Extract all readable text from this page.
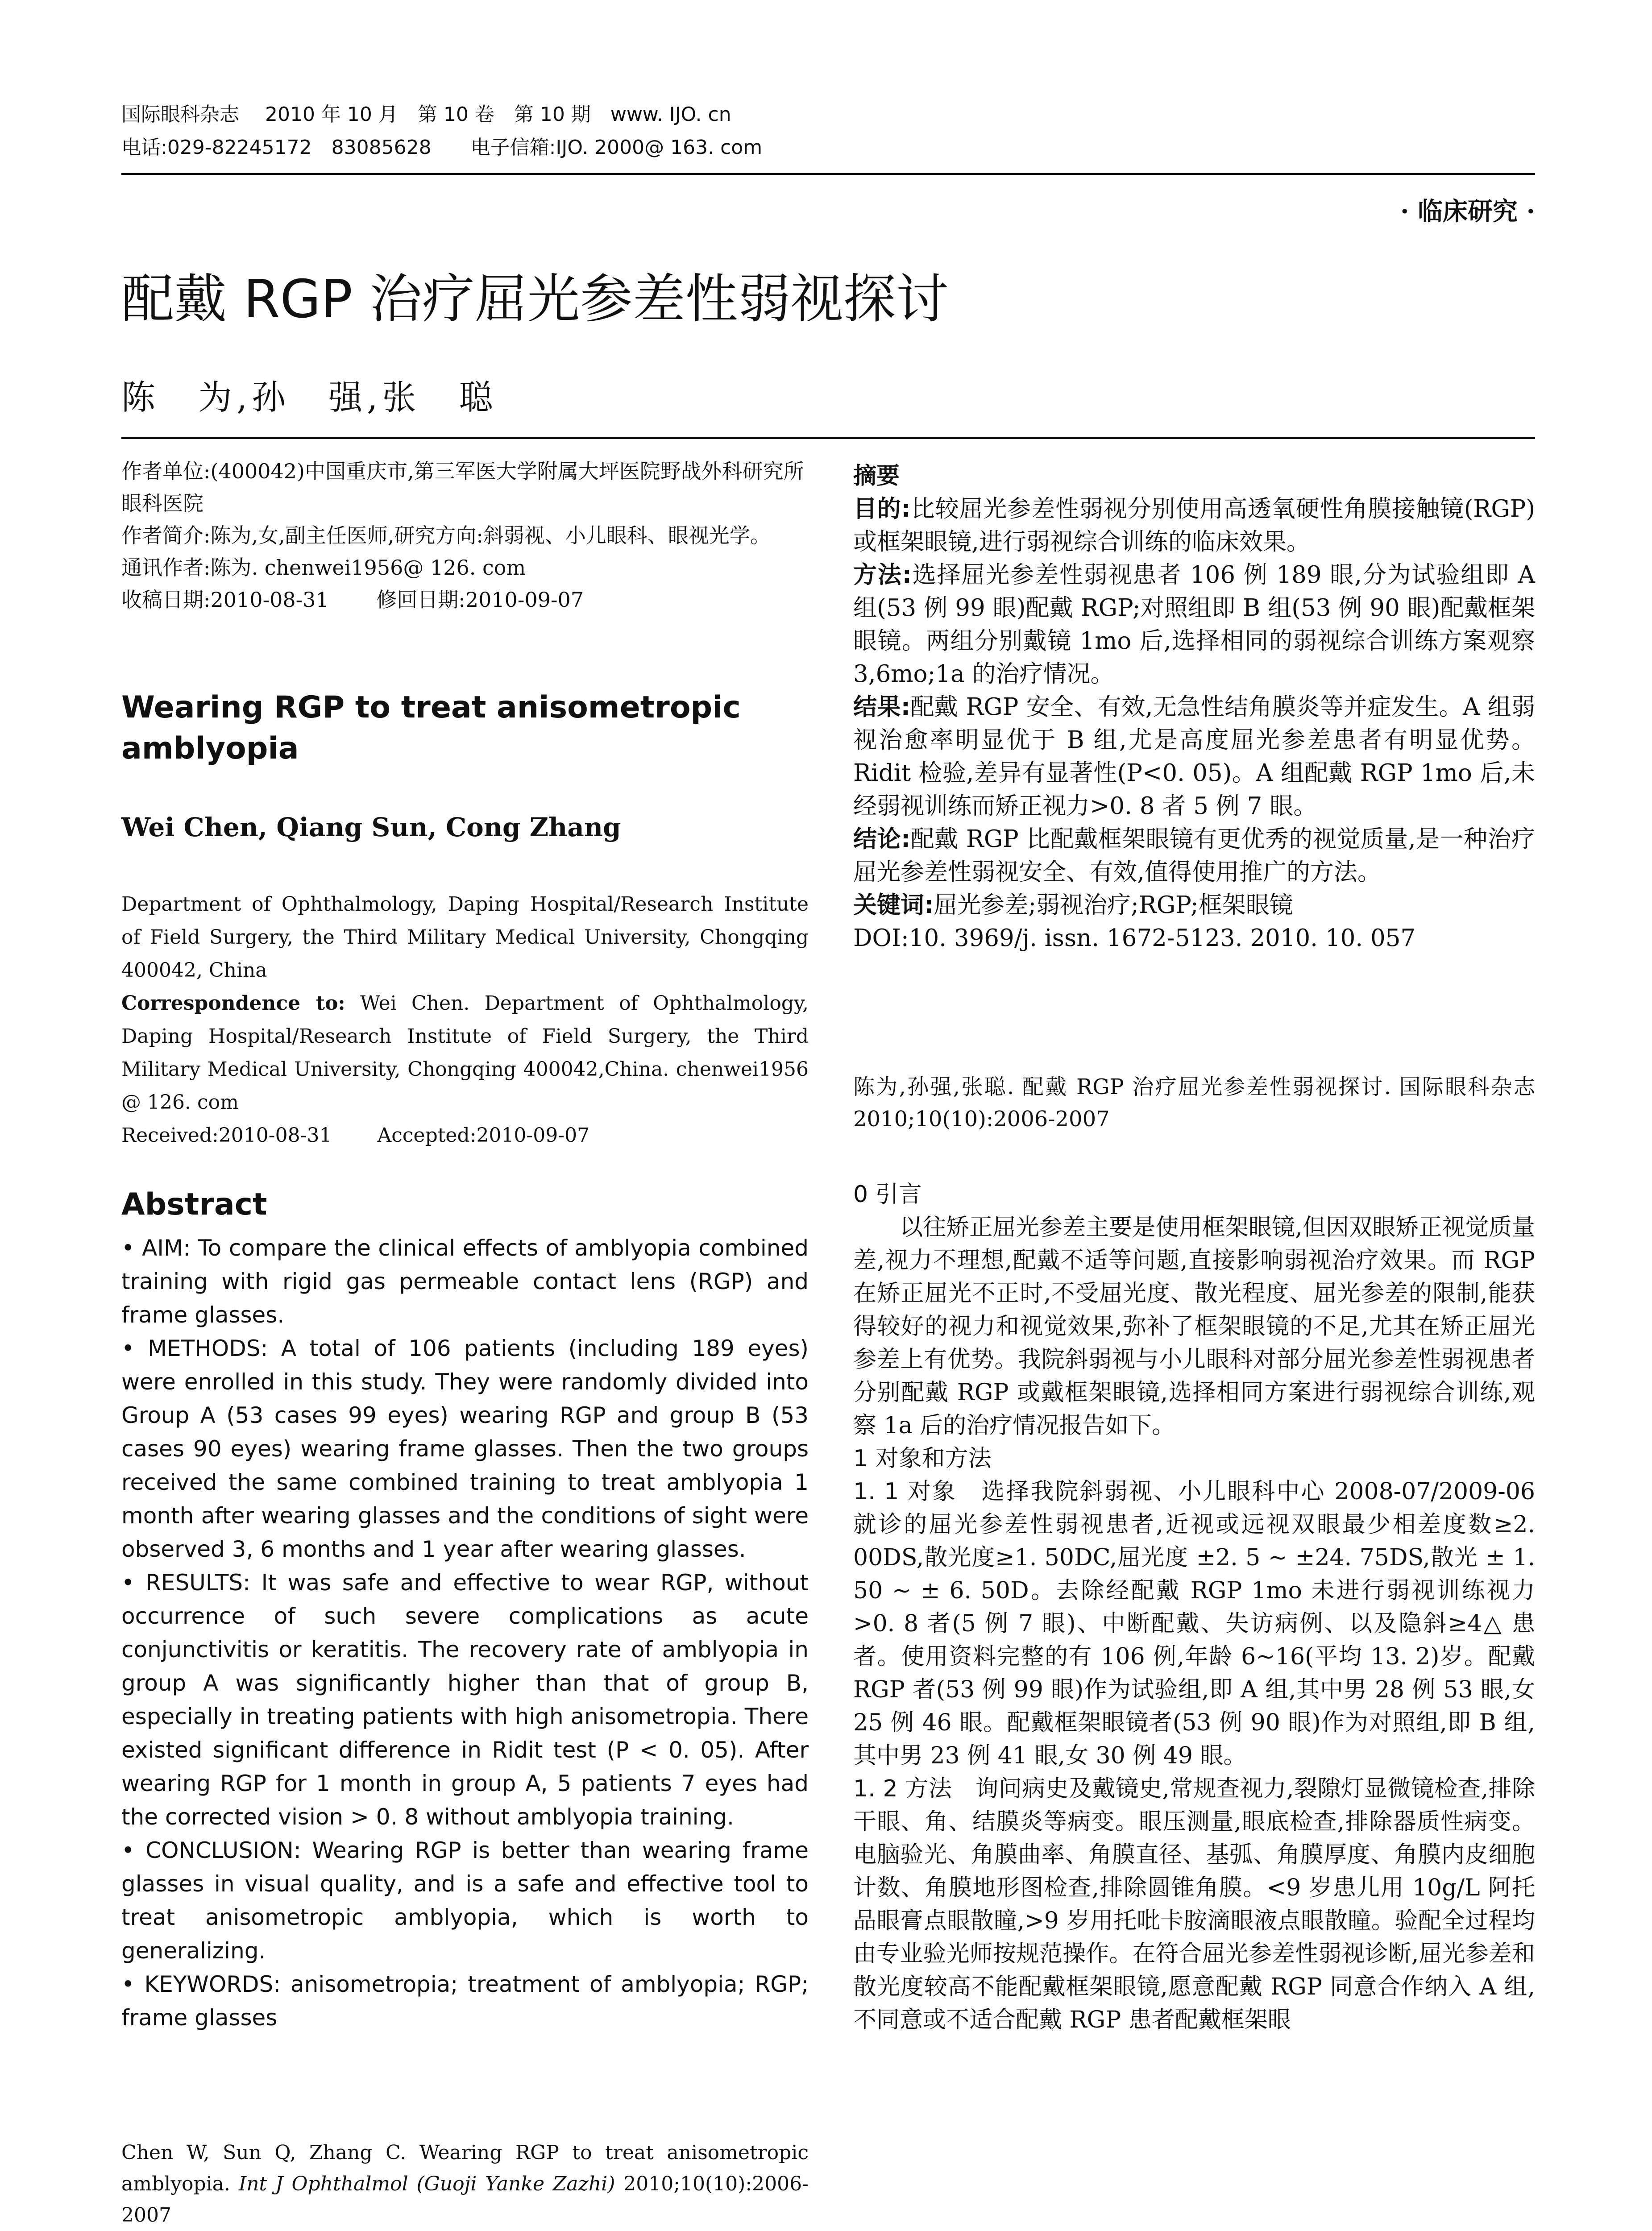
国际眼科杂志　 2010 年 10 月　第 10 卷　第 10 期　www. IJO. cn
电话:029-82245172　83085628　　电子信箱:IJO. 2000@ 163. com
· 临床研究 ·
配戴 RGP 治疗屈光参差性弱视探讨
陈　为,孙　强,张　聪

作者单位:(400042)中国重庆市,第三军医大学附属大坪医院野战外科研究所眼科医院

作者简介:陈为,女,副主任医师,研究方向:斜弱视、小儿眼科、眼视光学。

通讯作者:陈为. chenwei1956@ 126. com

收稿日期:2010-08-31　　 修回日期:2010-09-07

Wearing RGP to treat anisometropic amblyopia
Wei Chen, Qiang Sun, Cong Zhang

Department of Ophthalmology, Daping Hospital/Research Institute of Field Surgery, the Third Military Medical University, Chongqing 400042, China

Correspondence to: Wei Chen. Department of Ophthalmology, Daping Hospital/Research Institute of Field Surgery, the Third Military Medical University, Chongqing 400042,China. chenwei1956 @ 126. com

Received:2010-08-31　　 Accepted:2010-09-07

Abstract

• AIM: To compare the clinical effects of amblyopia combined training with rigid gas permeable contact lens (RGP) and frame glasses.

• METHODS: A total of 106 patients (including 189 eyes) were enrolled in this study. They were randomly divided into Group A (53 cases 99 eyes) wearing RGP and group B (53 cases 90 eyes) wearing frame glasses. Then the two groups received the same combined training to treat amblyopia 1 month after wearing glasses and the conditions of sight were observed 3, 6 months and 1 year after wearing glasses.

• RESULTS: It was safe and effective to wear RGP, without occurrence of such severe complications as acute conjunctivitis or keratitis. The recovery rate of amblyopia in group A was significantly higher than that of group B, especially in treating patients with high anisometropia. There existed significant difference in Ridit test (P < 0. 05). After wearing RGP for 1 month in group A, 5 patients 7 eyes had the corrected vision > 0. 8 without amblyopia training.

• CONCLUSION: Wearing RGP is better than wearing frame glasses in visual quality, and is a safe and effective tool to treat anisometropic amblyopia, which is worth to generalizing.

• KEYWORDS: anisometropia; treatment of amblyopia; RGP; frame glasses

Chen W, Sun Q, Zhang C. Wearing RGP to treat anisometropic amblyopia. Int J Ophthalmol (Guoji Yanke Zazhi) 2010;10(10):2006-2007
摘要

目的:比较屈光参差性弱视分别使用高透氧硬性角膜接触镜(RGP)或框架眼镜,进行弱视综合训练的临床效果。

方法:选择屈光参差性弱视患者 106 例 189 眼,分为试验组即 A 组(53 例 99 眼)配戴 RGP;对照组即 B 组(53 例 90 眼)配戴框架眼镜。两组分别戴镜 1mo 后,选择相同的弱视综合训练方案观察 3,6mo;1a 的治疗情况。

结果:配戴 RGP 安全、有效,无急性结角膜炎等并症发生。A 组弱视治愈率明显优于 B 组,尤是高度屈光参差患者有明显优势。Ridit 检验,差异有显著性(P<0. 05)。A 组配戴 RGP 1mo 后,未经弱视训练而矫正视力>0. 8 者 5 例 7 眼。

结论:配戴 RGP 比配戴框架眼镜有更优秀的视觉质量,是一种治疗屈光参差性弱视安全、有效,值得使用推广的方法。

关键词:屈光参差;弱视治疗;RGP;框架眼镜

DOI:10. 3969/j. issn. 1672-5123. 2010. 10. 057

陈为,孙强,张聪. 配戴 RGP 治疗屈光参差性弱视探讨. 国际眼科杂志 2010;10(10):2006-2007
0 引言

以往矫正屈光参差主要是使用框架眼镜,但因双眼矫正视觉质量差,视力不理想,配戴不适等问题,直接影响弱视治疗效果。而 RGP 在矫正屈光不正时,不受屈光度、散光程度、屈光参差的限制,能获得较好的视力和视觉效果,弥补了框架眼镜的不足,尤其在矫正屈光参差上有优势。我院斜弱视与小儿眼科对部分屈光参差性弱视患者分别配戴 RGP 或戴框架眼镜,选择相同方案进行弱视综合训练,观察 1a 后的治疗情况报告如下。

1 对象和方法

1. 1 对象　 选择我院斜弱视、小儿眼科中心 2008-07/2009-06 就诊的屈光参差性弱视患者,近视或远视双眼最少相差度数≥2. 00DS,散光度≥1. 50DC,屈光度 ±2. 5 ~ ±24. 75DS,散光 ± 1. 50 ~ ± 6. 50D。去除经配戴 RGP 1mo 未进行弱视训练视力>0. 8 者(5 例 7 眼)、中断配戴、失访病例、以及隐斜≥4△ 患者。使用资料完整的有 106 例,年龄 6~16(平均 13. 2)岁。配戴 RGP 者(53 例 99 眼)作为试验组,即 A 组,其中男 28 例 53 眼,女 25 例 46 眼。配戴框架眼镜者(53 例 90 眼)作为对照组,即 B 组,其中男 23 例 41 眼,女 30 例 49 眼。

1. 2 方法　 询问病史及戴镜史,常规查视力,裂隙灯显微镜检查,排除干眼、角、结膜炎等病变。眼压测量,眼底检查,排除器质性病变。电脑验光、角膜曲率、角膜直径、基弧、角膜厚度、角膜内皮细胞计数、角膜地形图检查,排除圆锥角膜。<9 岁患儿用 10g/L 阿托品眼膏点眼散瞳,>9 岁用托吡卡胺滴眼液点眼散瞳。验配全过程均由专业验光师按规范操作。在符合屈光参差性弱视诊断,屈光参差和散光度较高不能配戴框架眼镜,愿意配戴 RGP 同意合作纳入 A 组,不同意或不适合配戴 RGP 患者配戴框架眼
